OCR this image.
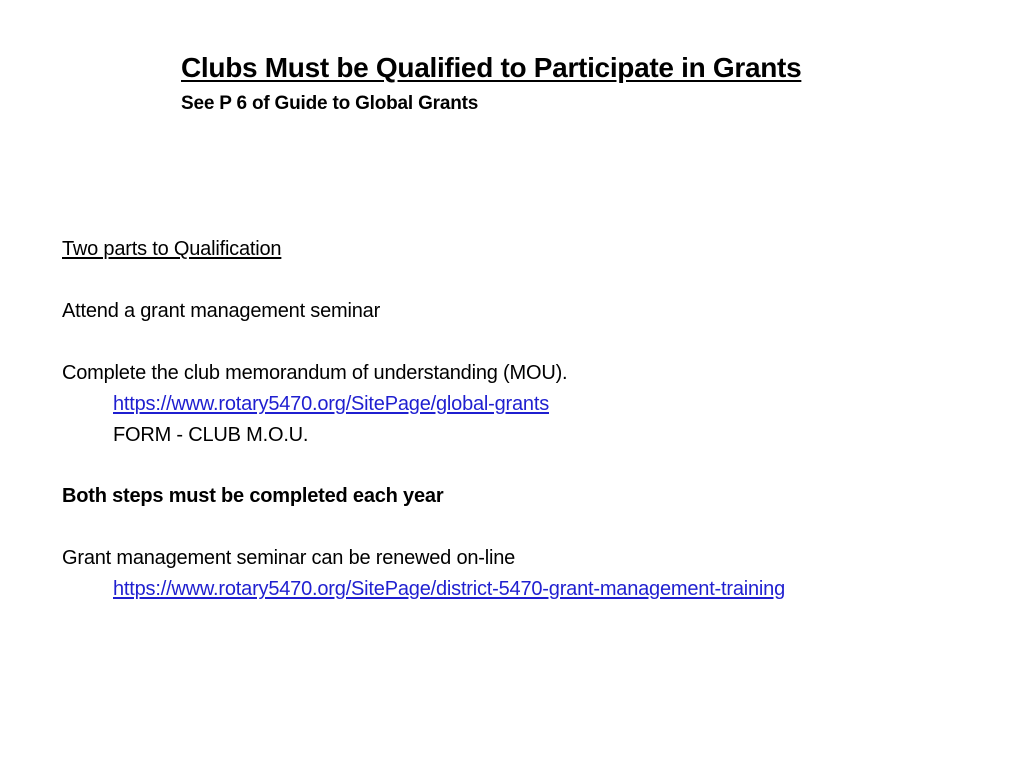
Clubs Must be Qualified to Participate in Grants
See P 6 of Guide to Global Grants
Two parts to Qualification
Attend a grant management seminar
Complete the club memorandum of understanding (MOU).
https://www.rotary5470.org/SitePage/global-grants
FORM - CLUB M.O.U.
Both steps must be completed each year
Grant management seminar can be renewed on-line
https://www.rotary5470.org/SitePage/district-5470-grant-management-training
